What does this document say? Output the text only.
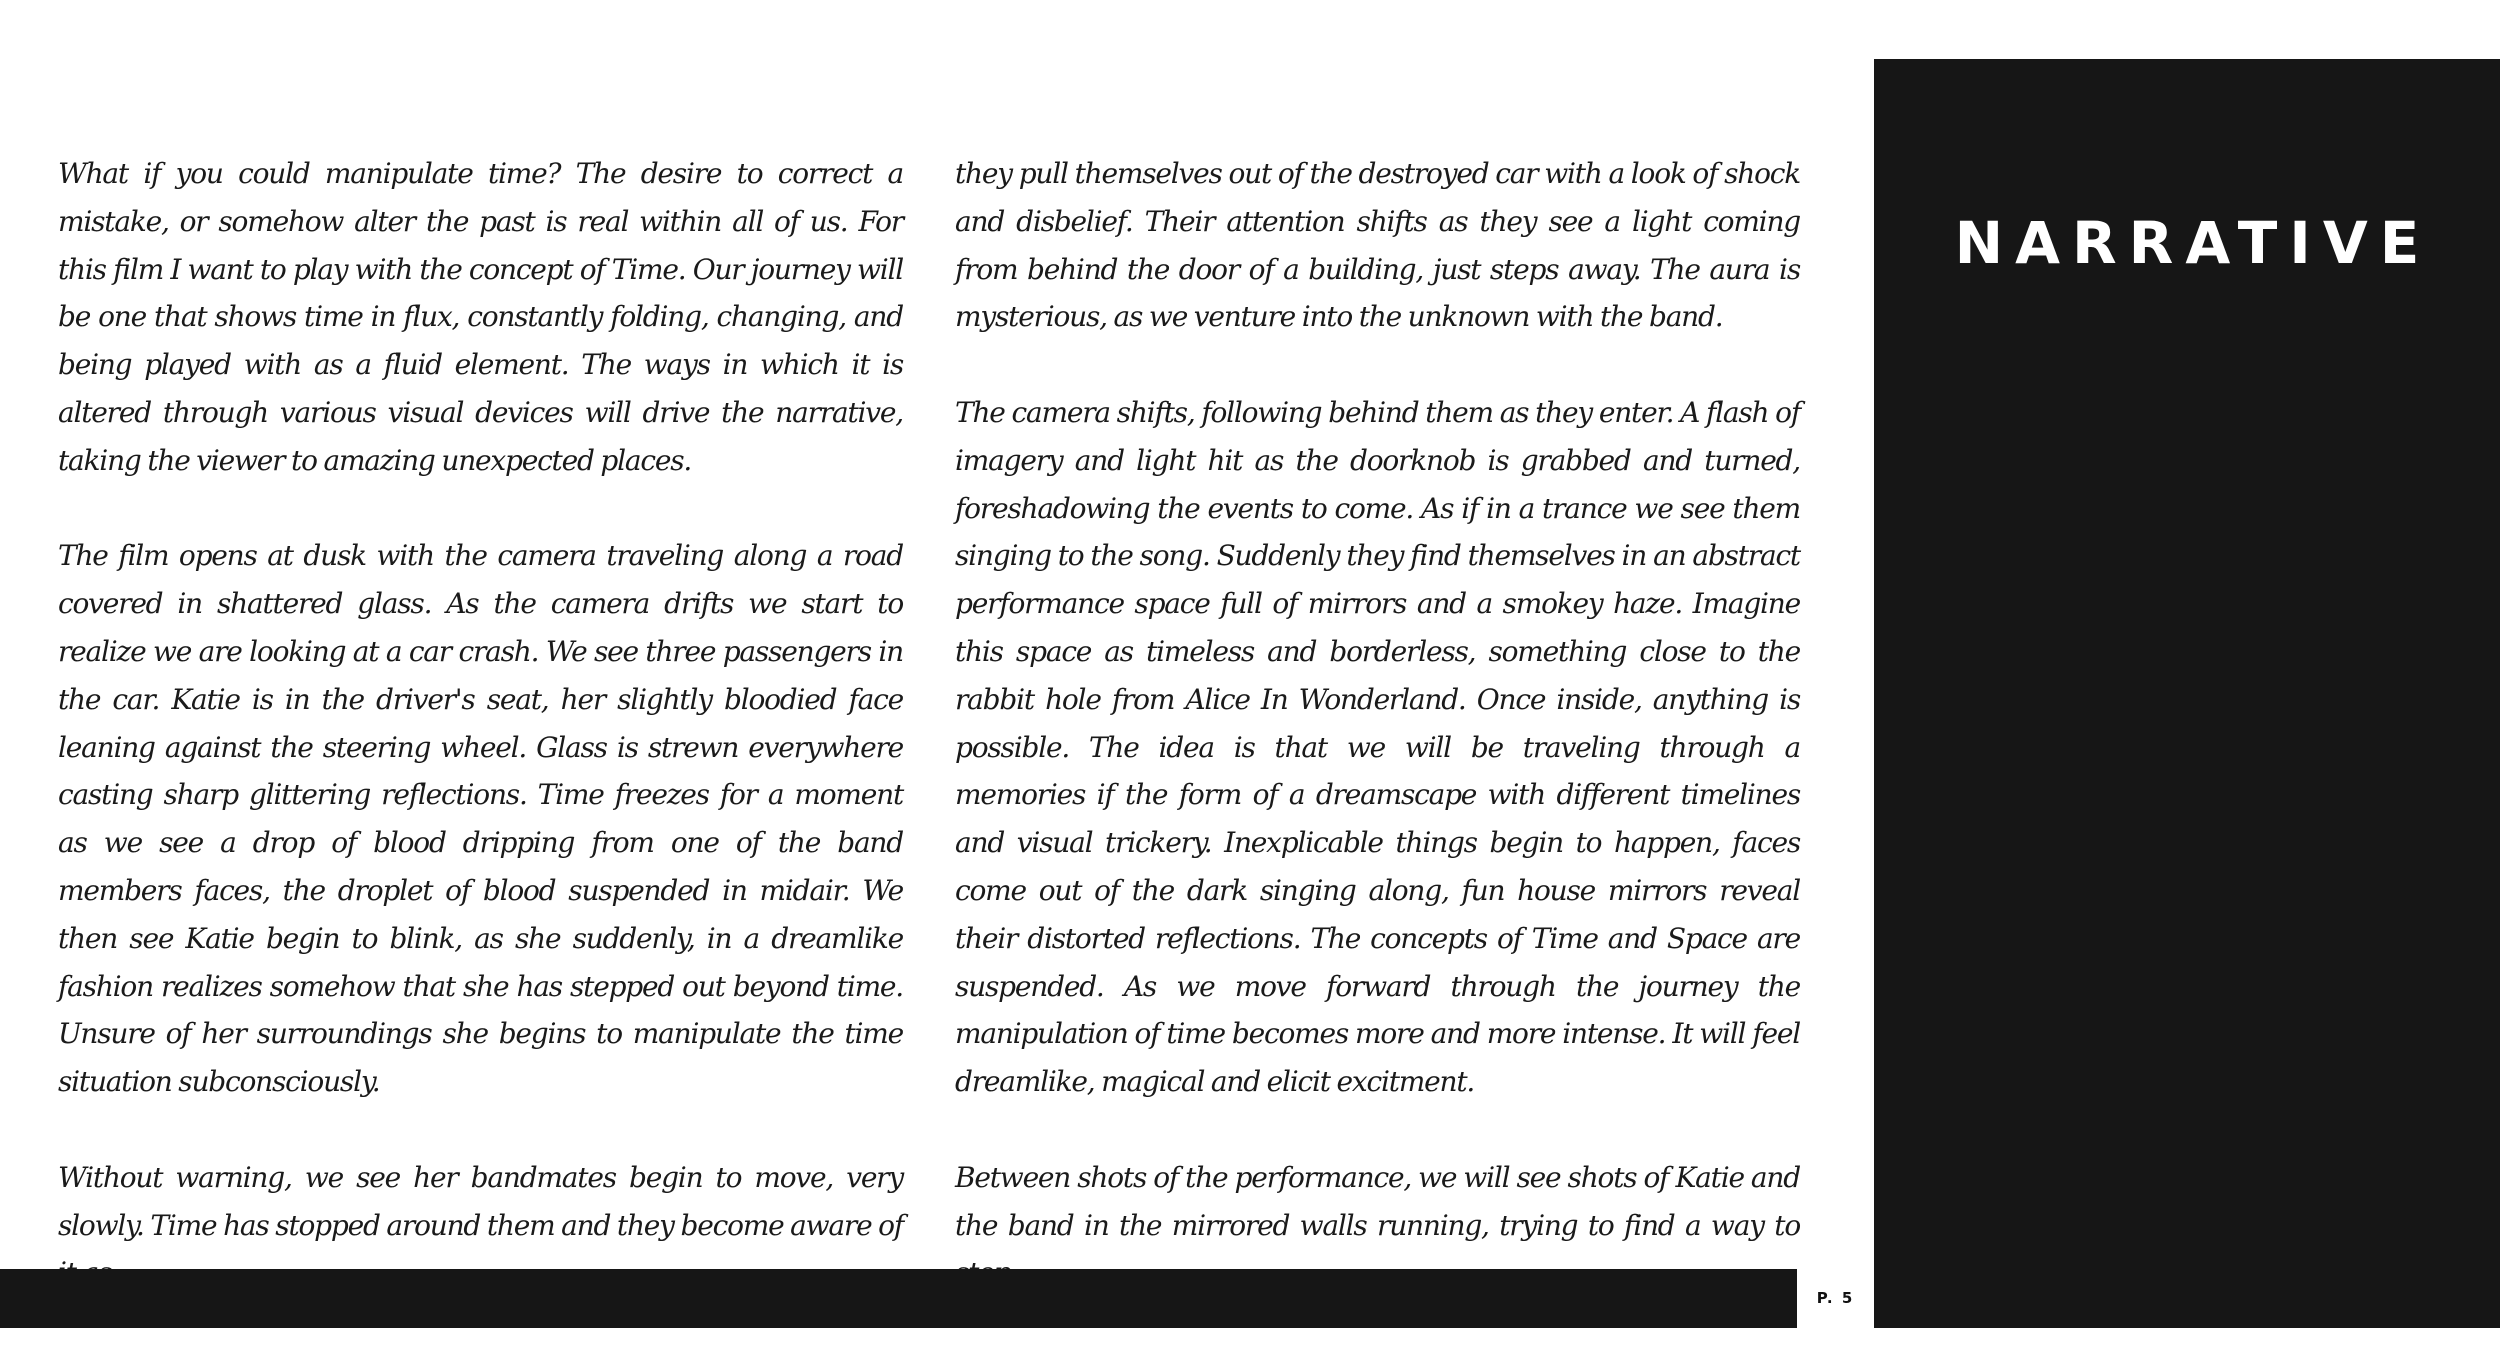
What if you could manipulate time? The desire to correct a mistake, or somehow alter the past is real within all of us. For this film I want to play with the concept of Time. Our journey will be one that shows time in flux, constantly folding, changing, and being played with as a fluid element. The ways in which it is altered through various visual devices will drive the narrative, taking the viewer to amazing unexpected places.

The film opens at dusk with the camera traveling along a road covered in shattered glass. As the camera drifts we start to realize we are looking at a car crash. We see three passengers in the car. Katie is in the driver's seat, her slightly bloodied face leaning against the steering wheel. Glass is strewn everywhere casting sharp glittering reflections. Time freezes for a moment as we see a drop of blood dripping from one of the band members faces, the droplet of blood suspended in midair. We then see Katie begin to blink, as she suddenly, in a dreamlike fashion realizes somehow that she has stepped out beyond time. Unsure of her surroundings she begins to manipulate the time situation subconsciously.

Without warning, we see her bandmates begin to move, very slowly. Time has stopped around them and they become aware of

they pull themselves out of the destroyed car with a look of shock and disbelief. Their attention shifts as they see a light coming from behind the door of a building, just steps away. The aura is mysterious, as we venture into the unknown with the band.

The camera shifts, following behind them as they enter. A flash of imagery and light hit as the doorknob is grabbed and turned, foreshadowing the events to come. As if in a trance we see them singing to the song. Suddenly they find themselves in an abstract performance space full of mirrors and a smokey haze. Imagine this space as timeless and borderless, something close to the rabbit hole from Alice In Wonderland. Once inside, anything is possible. The idea is that we will be traveling through a memories if the form of a dreamscape with different timelines and visual trickery. Inexplicable things begin to happen, faces come out of the dark singing along, fun house mirrors reveal their distorted reflections. The concepts of Time and Space are suspended. As we move forward through the journey the manipulation of time becomes more and more intense. It will feel dreamlike, magical and elicit excitment.

Between shots of the performance, we will see shots of Katie and the band in the mirrored walls running, trying to find a way to

NARRATIVE
P. 5
